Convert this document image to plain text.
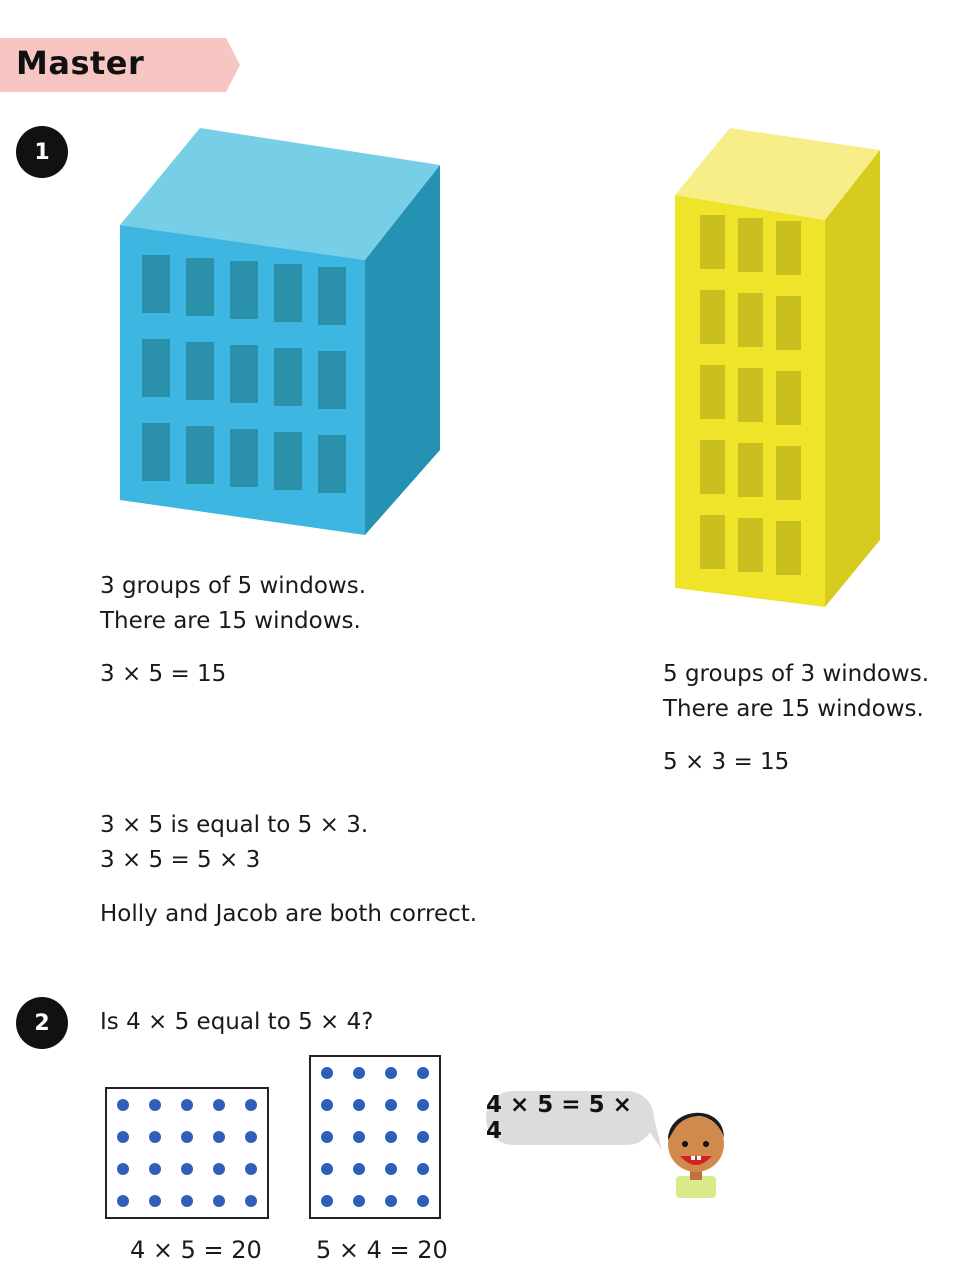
Master
1
3 groups of 5 windows.
There are 15 windows.
3 × 5 = 15	5 groups of 3 windows.
There are 15 windows.
5 × 3 = 15
3 × 5 is equal to 5 × 3.
3 × 5 = 5 × 3
Holly and Jacob are both correct.
2	Is 4 × 5 equal to 5 × 4?
4 × 5 = 20 5 × 4 = 20
4 × 5 = 5 × 4
